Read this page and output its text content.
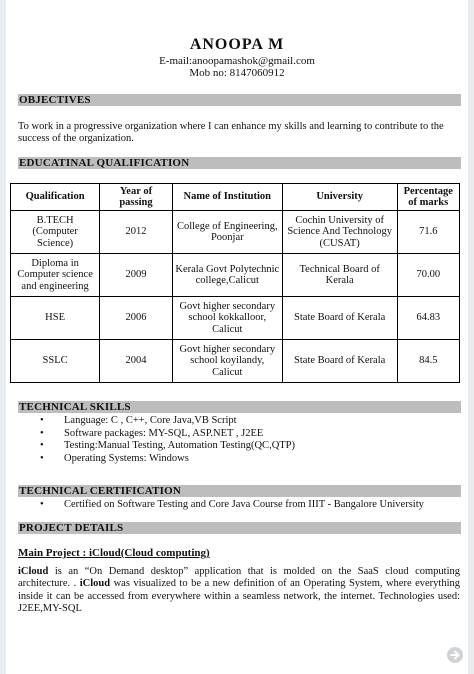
ANOOPA M
E-mail:anoopamashok@gmail.com
Mob no: 8147060912
OBJECTIVES
To work in a progressive organization where I can enhance my skills and learning to contribute to the success of the organization.
EDUCATINAL QUALIFICATION
Qualification	Year of passing	Name of Institution	University	Percentage of marks
B.TECH (Computer Science)	2012	College of Engineering, Poonjar	Cochin University of Science And Technology (CUSAT)	71.6
Diploma in Computer science and engineering	2009	Kerala Govt Polytechnic college,Calicut	Technical Board of Kerala	70.00
HSE	2006	Govt higher secondary school kokkalloor, Calicut	State Board of Kerala	64.83
SSLC	2004	Govt higher secondary school koyilandy, Calicut	State Board of Kerala	84.5
TECHNICAL SKILLS
• Language: C , C++, Core Java,VB Script
• Software packages: MY-SQL, ASP.NET , J2EE
• Testing:Manual Testing, Automation Testing(QC,QTP)
• Operating Systems: Windows
TECHNICAL CERTIFICATION
• Certified on Software Testing and Core Java Course from IIIT - Bangalore University
PROJECT DETAILS
Main Project : iCloud(Cloud computing)
iCloud is an “On Demand desktop” application that is molded on the SaaS cloud computing architecture. . iCloud was visualized to be a new definition of an Operating System, where everything inside it can be accessed from everywhere within a seamless network, the internet. Technologies used: J2EE,MY-SQL
